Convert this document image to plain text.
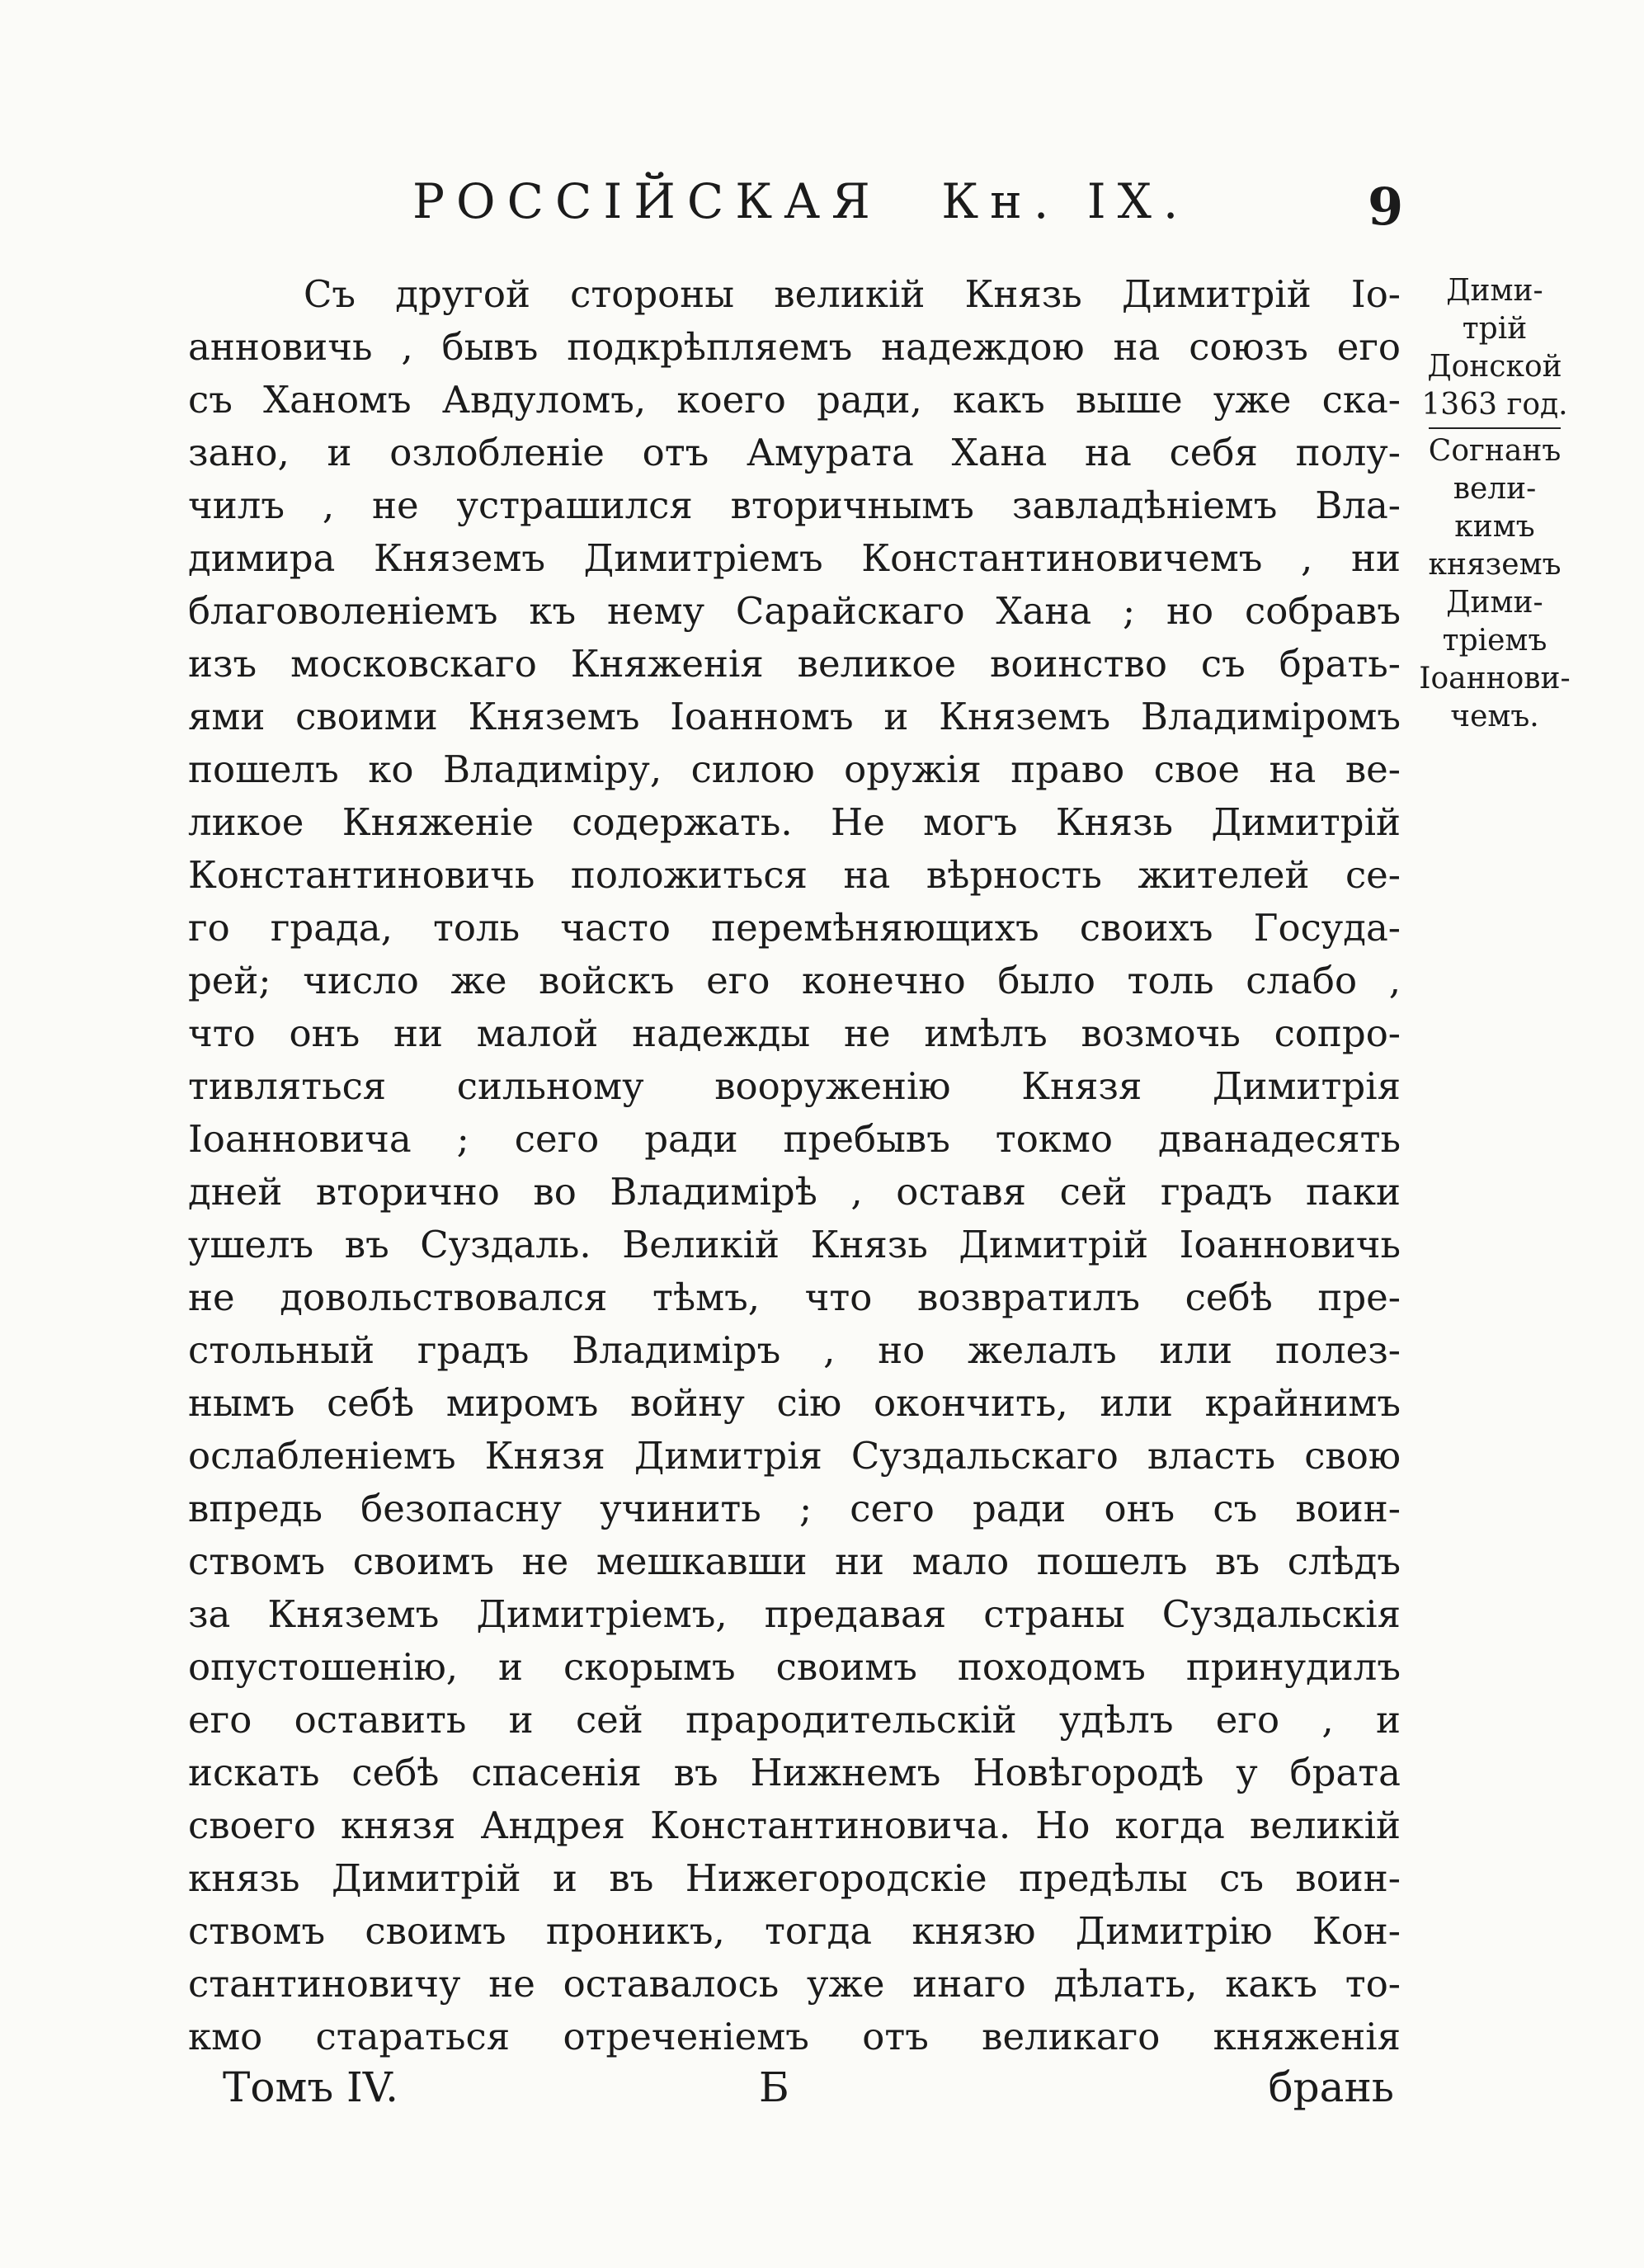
РОССІЙСКАЯ Кн. IX.	9
Съ другой стороны великій Князь Димитрій Іо-
анновичь , бывъ подкрѣпляемъ надеждою на союзъ его
съ Ханомъ Авдуломъ, коего ради, какъ выше уже ска-
зано, и озлобленіе отъ Амурата Хана на себя полу-
чилъ , не устрашился вторичнымъ завладѣніемъ Вла-
димира Княземъ Димитріемъ Константиновичемъ , ни
благоволеніемъ къ нему Сарайскаго Хана ; но собравъ
изъ московскаго Княженія великое воинство съ брать-
ями своими Княземъ Іоанномъ и Княземъ Владиміромъ
пошелъ ко Владиміру, силою оружія право свое на ве-
ликое Княженіе содержать. Не могъ Князь Димитрій
Константиновичь положиться на вѣрность жителей се-
го града, толь часто перемѣняющихъ своихъ Госуда-
рей; число же войскъ его конечно было толь слабо ,
что онъ ни малой надежды не имѣлъ возмочь сопро-
тивляться сильному вооруженію Князя Димитрія
Іоанновича ; сего ради пребывъ токмо дванадесять
дней вторично во Владимірѣ , оставя сей градъ паки
ушелъ въ Суздаль. Великій Князь Димитрій Іоанновичь
не довольствовался тѣмъ, что возвратилъ себѣ пре-
стольный градъ Владиміръ , но желалъ или полез-
нымъ себѣ миромъ войну сію окончить, или крайнимъ
ослабленіемъ Князя Димитрія Суздальскаго власть свою
впредь безопасну учинить ; сего ради онъ съ воин-
ствомъ своимъ не мешкавши ни мало пошелъ въ слѣдъ
за Княземъ Димитріемъ, предавая страны Суздальскія
опустошенію, и скорымъ своимъ походомъ принудилъ
его оставить и сей прародительскій удѣлъ его , и
искать себѣ спасенія въ Нижнемъ Новѣгородѣ у брата
своего князя Андрея Константиновича. Но когда великій
князь Димитрій и въ Нижегородскіе предѣлы съ воин-
ствомъ своимъ проникъ, тогда князю Димитрію Кон-
стантиновичу не оставалось уже инаго дѣлать, какъ то-
кмо стараться отреченіемъ отъ великаго княженія
Дими-
трій
Донской
1363 год.
Согнанъ
вели-
кимъ
княземъ
Дими-
тріемъ
Іоаннови-
чемъ.
Томъ IV.	Б	брань
